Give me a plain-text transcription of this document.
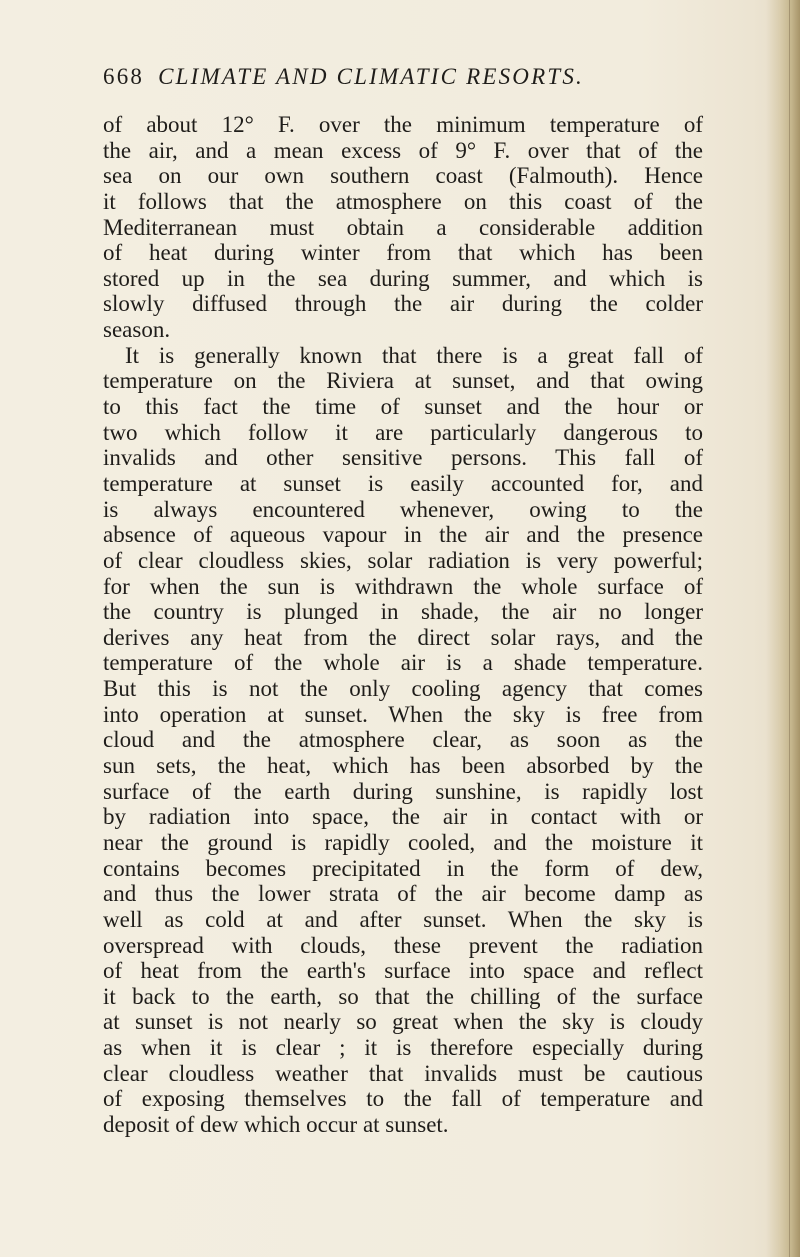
668 CLIMATE AND CLIMATIC RESORTS.
of about 12° F. over the minimum temperature of
the air, and a mean excess of 9° F. over that of the
sea on our own southern coast (Falmouth). Hence
it follows that the atmosphere on this coast of the
Mediterranean must obtain a considerable addition
of heat during winter from that which has been
stored up in the sea during summer, and which is
slowly diffused through the air during the colder
season.
It is generally known that there is a great fall of
temperature on the Riviera at sunset, and that owing
to this fact the time of sunset and the hour or
two which follow it are particularly dangerous to
invalids and other sensitive persons. This fall of
temperature at sunset is easily accounted for, and
is always encountered whenever, owing to the
absence of aqueous vapour in the air and the presence
of clear cloudless skies, solar radiation is very powerful;
for when the sun is withdrawn the whole surface of
the country is plunged in shade, the air no longer
derives any heat from the direct solar rays, and the
temperature of the whole air is a shade temperature.
But this is not the only cooling agency that comes
into operation at sunset. When the sky is free from
cloud and the atmosphere clear, as soon as the
sun sets, the heat, which has been absorbed by the
surface of the earth during sunshine, is rapidly lost
by radiation into space, the air in contact with or
near the ground is rapidly cooled, and the moisture it
contains becomes precipitated in the form of dew,
and thus the lower strata of the air become damp as
well as cold at and after sunset. When the sky is
overspread with clouds, these prevent the radiation
of heat from the earth's surface into space and reflect
it back to the earth, so that the chilling of the surface
at sunset is not nearly so great when the sky is cloudy
as when it is clear ; it is therefore especially during
clear cloudless weather that invalids must be cautious
of exposing themselves to the fall of temperature and
deposit of dew which occur at sunset.
